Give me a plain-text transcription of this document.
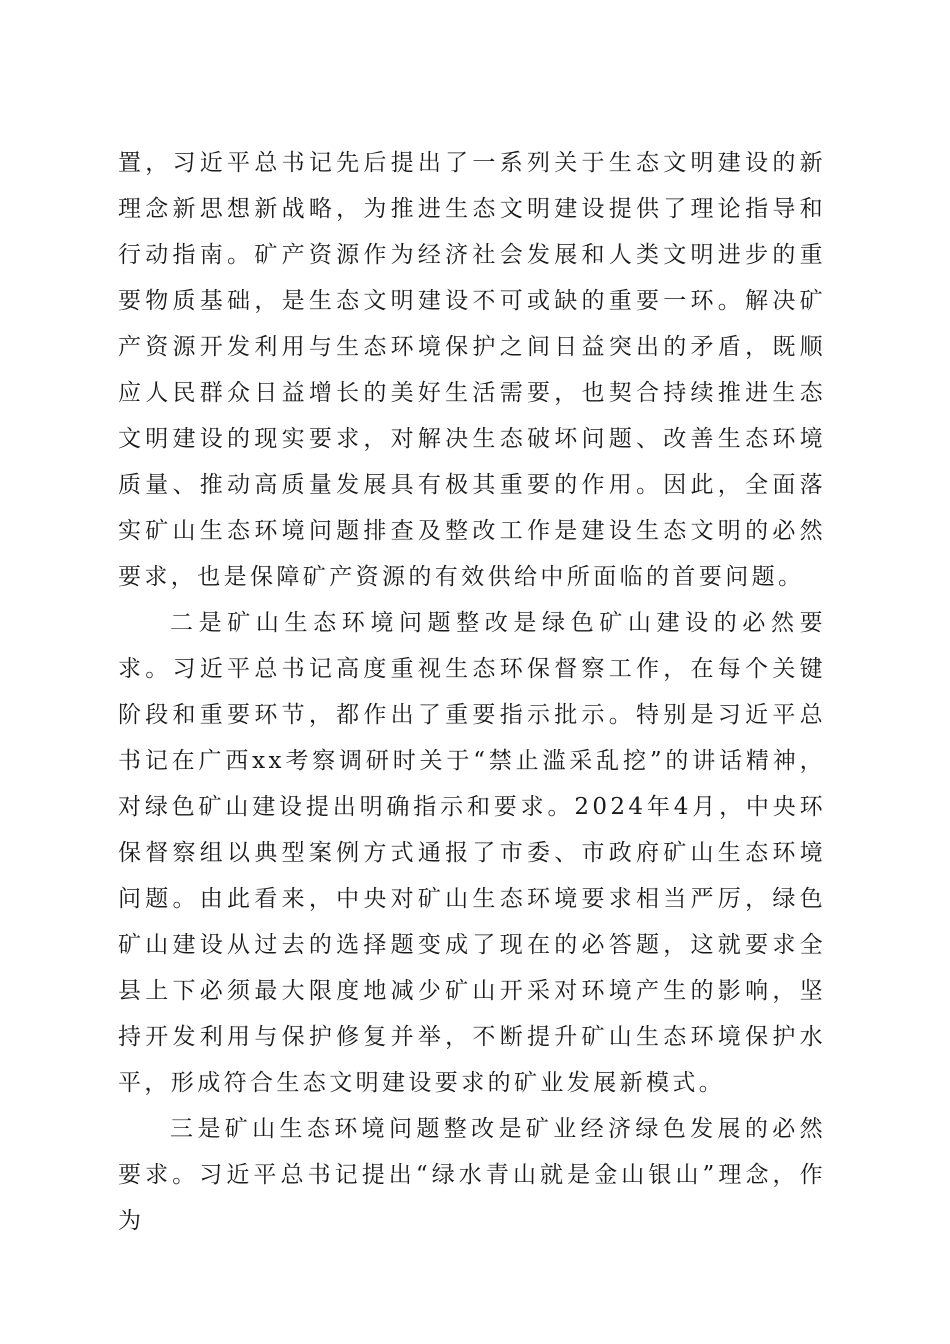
置，习近平总书记先后提出了一系列关于生态文明建设的新理念新思想新战略，为推进生态文明建设提供了理论指导和行动指南。矿产资源作为经济社会发展和人类文明进步的重要物质基础，是生态文明建设不可或缺的重要一环。解决矿产资源开发利用与生态环境保护之间日益突出的矛盾，既顺应人民群众日益增长的美好生活需要，也契合持续推进生态文明建设的现实要求，对解决生态破坏问题、改善生态环境质量、推动高质量发展具有极其重要的作用。因此，全面落实矿山生态环境问题排查及整改工作是建设生态文明的必然要求，也是保障矿产资源的有效供给中所面临的首要问题。

二是矿山生态环境问题整改是绿色矿山建设的必然要求。习近平总书记高度重视生态环保督察工作，在每个关键阶段和重要环节，都作出了重要指示批示。特别是习近平总书记在广西xx考察调研时关于“禁止滥采乱挖”的讲话精神，对绿色矿山建设提出明确指示和要求。2024年4月，中央环保督察组以典型案例方式通报了市委、市政府矿山生态环境问题。由此看来，中央对矿山生态环境要求相当严厉，绿色矿山建设从过去的选择题变成了现在的必答题，这就要求全县上下必须最大限度地减少矿山开采对环境产生的影响，坚持开发利用与保护修复并举，不断提升矿山生态环境保护水平，形成符合生态文明建设要求的矿业发展新模式。

三是矿山生态环境问题整改是矿业经济绿色发展的必然要求。习近平总书记提出“绿水青山就是金山银山”理念，作为
